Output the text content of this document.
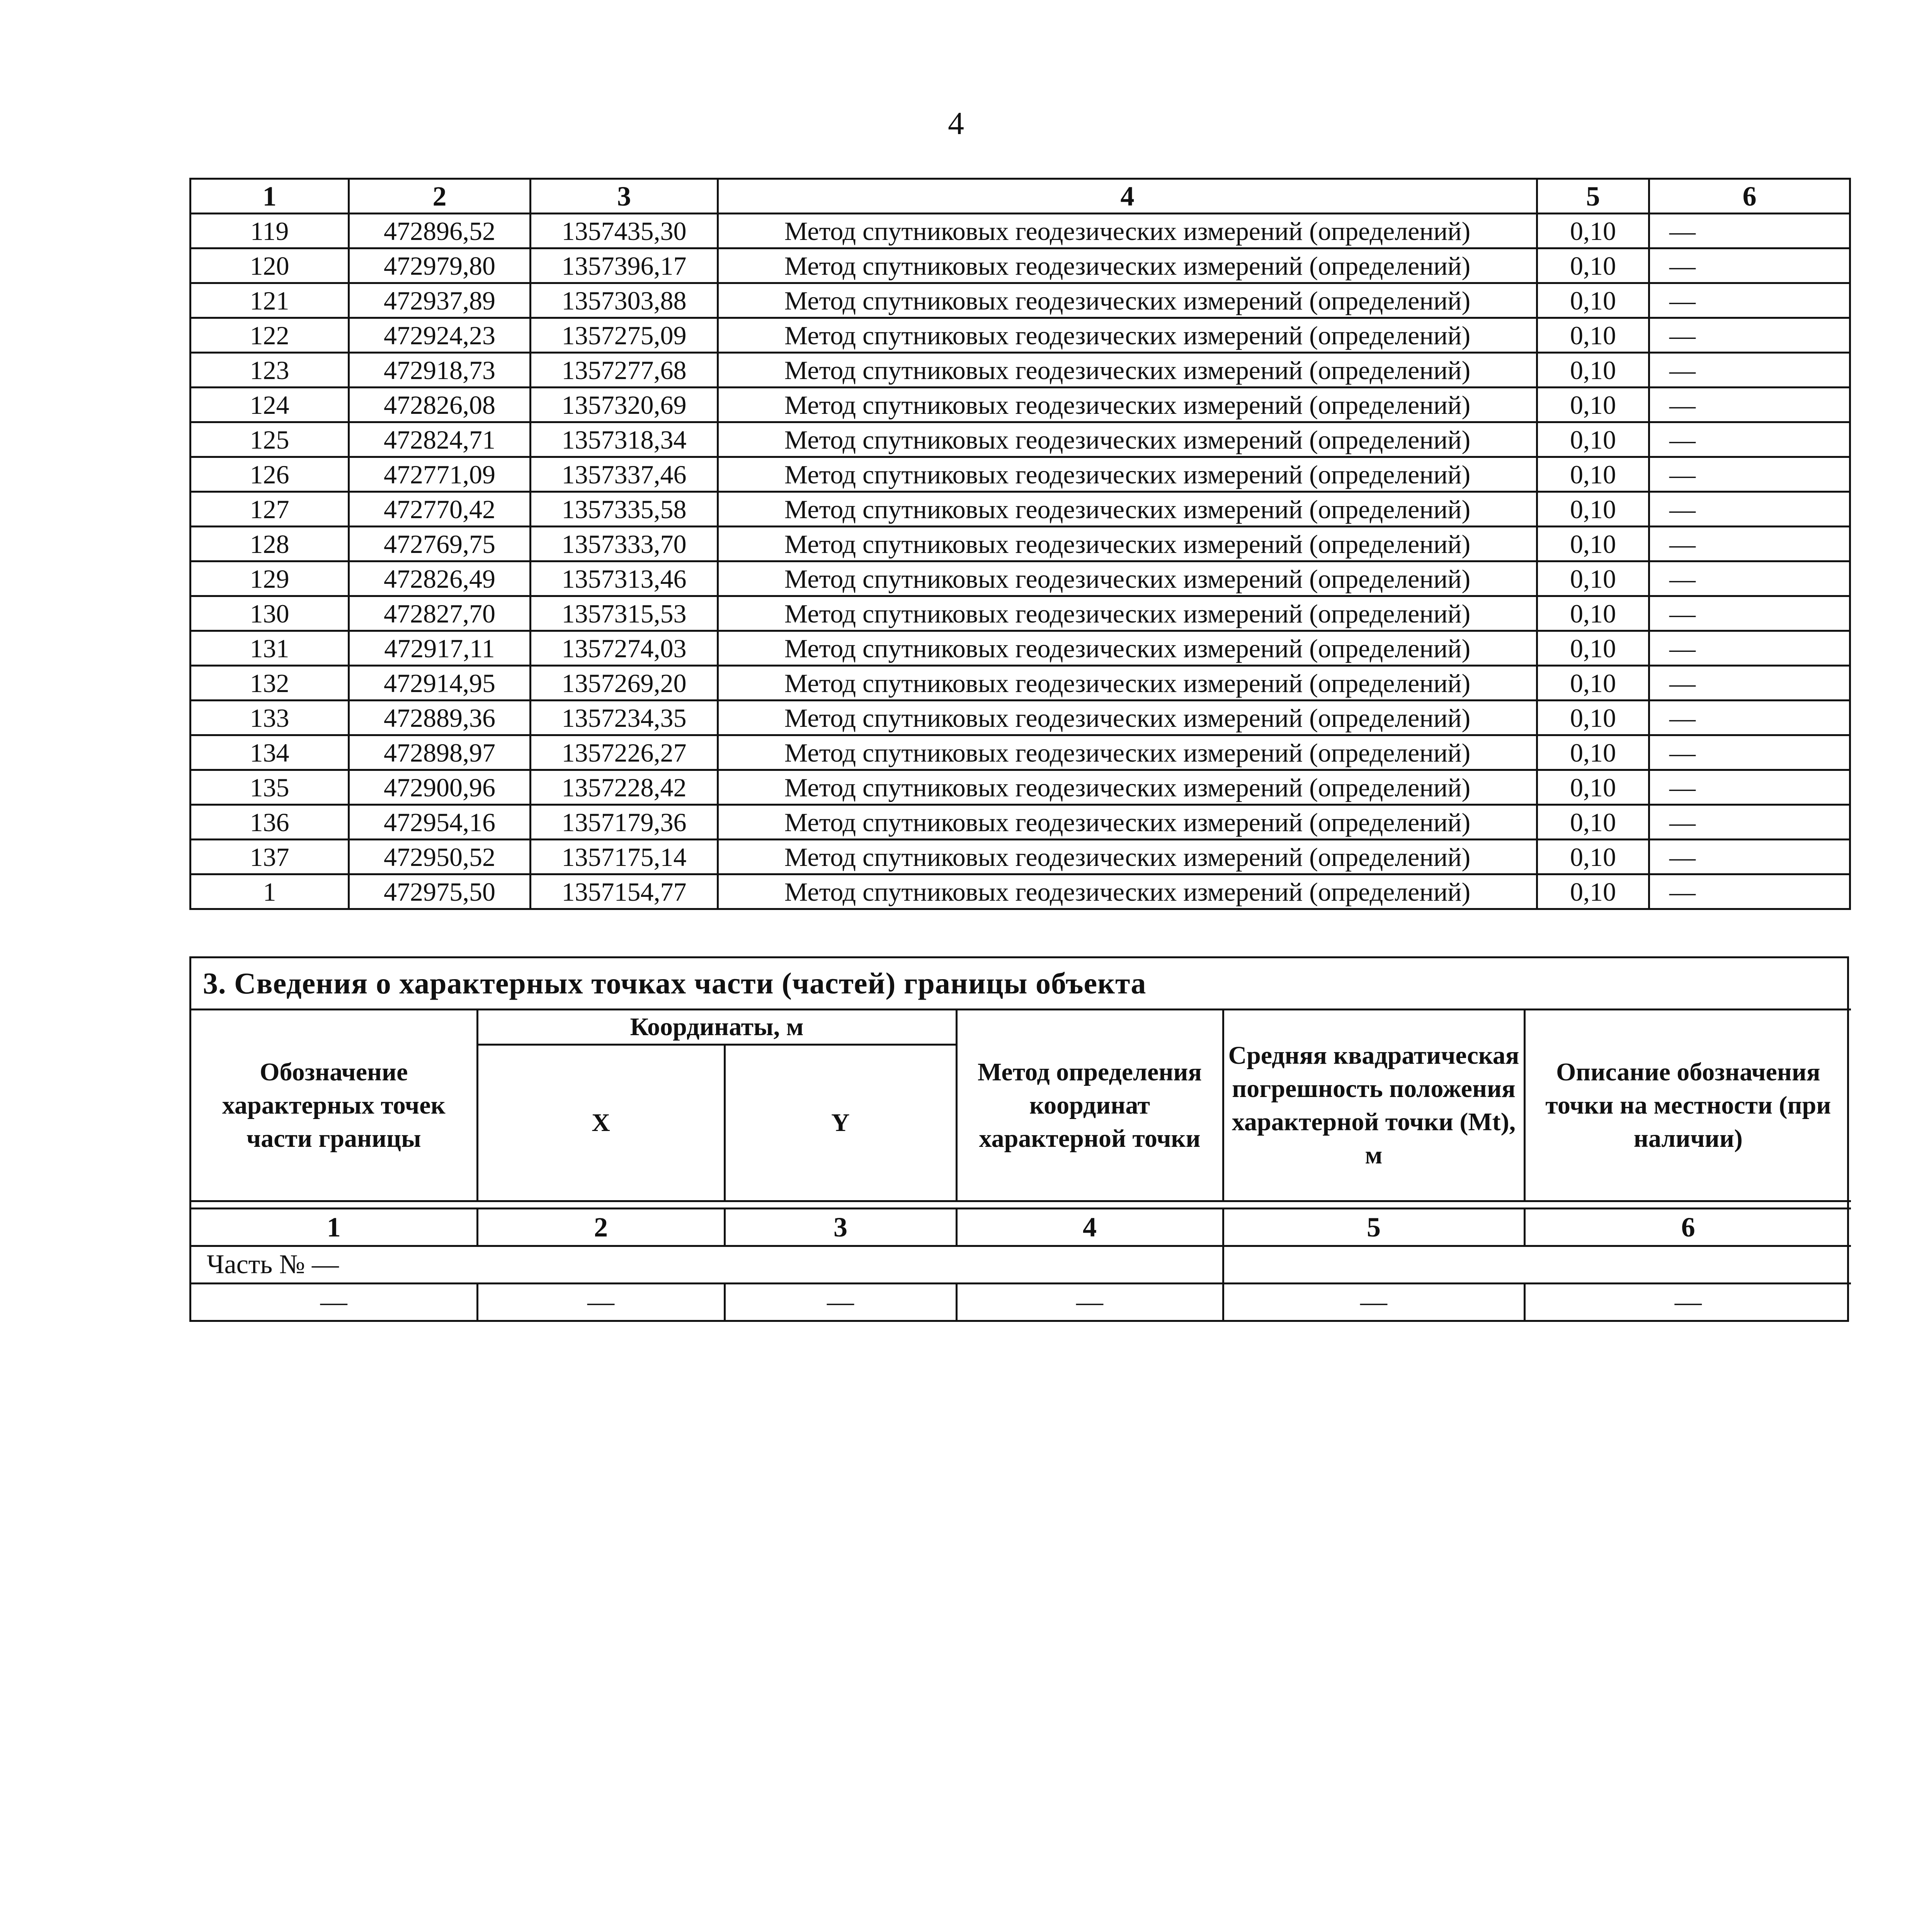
4
1	2	3	4	5	6
119	472896,52	1357435,30	Метод спутниковых геодезических измерений (определений)	0,10	—
120	472979,80	1357396,17	Метод спутниковых геодезических измерений (определений)	0,10	—
121	472937,89	1357303,88	Метод спутниковых геодезических измерений (определений)	0,10	—
122	472924,23	1357275,09	Метод спутниковых геодезических измерений (определений)	0,10	—
123	472918,73	1357277,68	Метод спутниковых геодезических измерений (определений)	0,10	—
124	472826,08	1357320,69	Метод спутниковых геодезических измерений (определений)	0,10	—
125	472824,71	1357318,34	Метод спутниковых геодезических измерений (определений)	0,10	—
126	472771,09	1357337,46	Метод спутниковых геодезических измерений (определений)	0,10	—
127	472770,42	1357335,58	Метод спутниковых геодезических измерений (определений)	0,10	—
128	472769,75	1357333,70	Метод спутниковых геодезических измерений (определений)	0,10	—
129	472826,49	1357313,46	Метод спутниковых геодезических измерений (определений)	0,10	—
130	472827,70	1357315,53	Метод спутниковых геодезических измерений (определений)	0,10	—
131	472917,11	1357274,03	Метод спутниковых геодезических измерений (определений)	0,10	—
132	472914,95	1357269,20	Метод спутниковых геодезических измерений (определений)	0,10	—
133	472889,36	1357234,35	Метод спутниковых геодезических измерений (определений)	0,10	—
134	472898,97	1357226,27	Метод спутниковых геодезических измерений (определений)	0,10	—
135	472900,96	1357228,42	Метод спутниковых геодезических измерений (определений)	0,10	—
136	472954,16	1357179,36	Метод спутниковых геодезических измерений (определений)	0,10	—
137	472950,52	1357175,14	Метод спутниковых геодезических измерений (определений)	0,10	—
1	472975,50	1357154,77	Метод спутниковых геодезических измерений (определений)	0,10	—
3. Сведения о характерных точках части (частей) границы объекта
Обозначение характерных точек части границы	Координаты, м		Метод определения координат характерной точки	Средняя квадратическая погрешность положения характерной точки (Мt), м	Описание обозначения точки на местности (при наличии)
	X	Y			

1	2	3	4	5	6
Часть № —					
—	—	—	—	—	—
